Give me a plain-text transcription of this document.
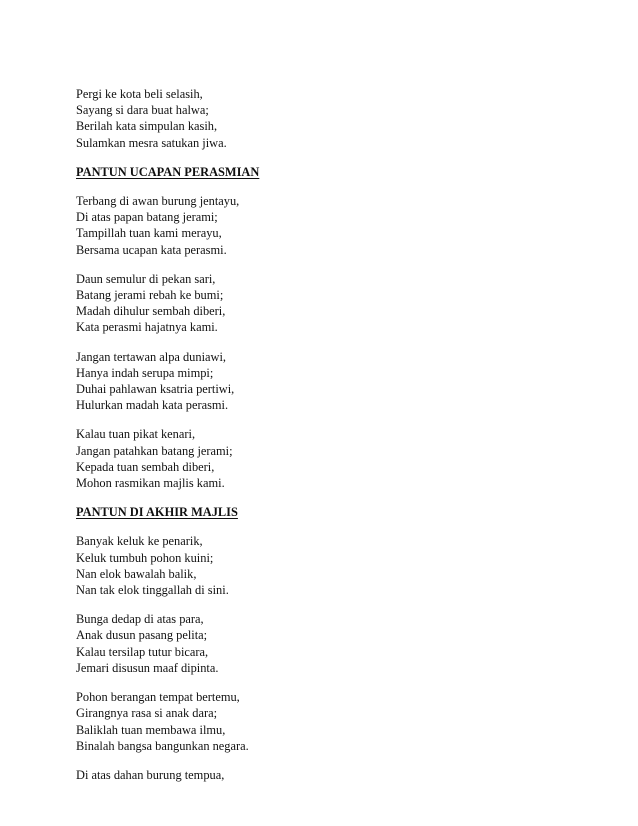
Pergi ke kota beli selasih,
Sayang si dara buat halwa;
Berilah kata simpulan kasih,
Sulamkan mesra satukan jiwa.
PANTUN UCAPAN PERASMIAN
Terbang di awan burung jentayu,
Di atas papan batang jerami;
Tampillah tuan kami merayu,
Bersama ucapan kata perasmi.
Daun semulur di pekan sari,
Batang jerami rebah ke bumi;
Madah dihulur sembah diberi,
Kata perasmi hajatnya kami.
Jangan tertawan alpa duniawi,
Hanya indah serupa mimpi;
Duhai pahlawan ksatria pertiwi,
Hulurkan madah kata perasmi.
Kalau tuan pikat kenari,
Jangan patahkan batang jerami;
Kepada tuan sembah diberi,
Mohon rasmikan majlis kami.
PANTUN DI AKHIR MAJLIS
Banyak keluk ke penarik,
Keluk tumbuh pohon kuini;
Nan elok bawalah balik,
Nan tak elok tinggallah di sini.
Bunga dedap di atas para,
Anak dusun pasang pelita;
Kalau tersilap tutur bicara,
Jemari disusun maaf dipinta.
Pohon berangan tempat bertemu,
Girangnya rasa si anak dara;
Baliklah tuan membawa ilmu,
Binalah bangsa bangunkan negara.
Di atas dahan burung tempua,
